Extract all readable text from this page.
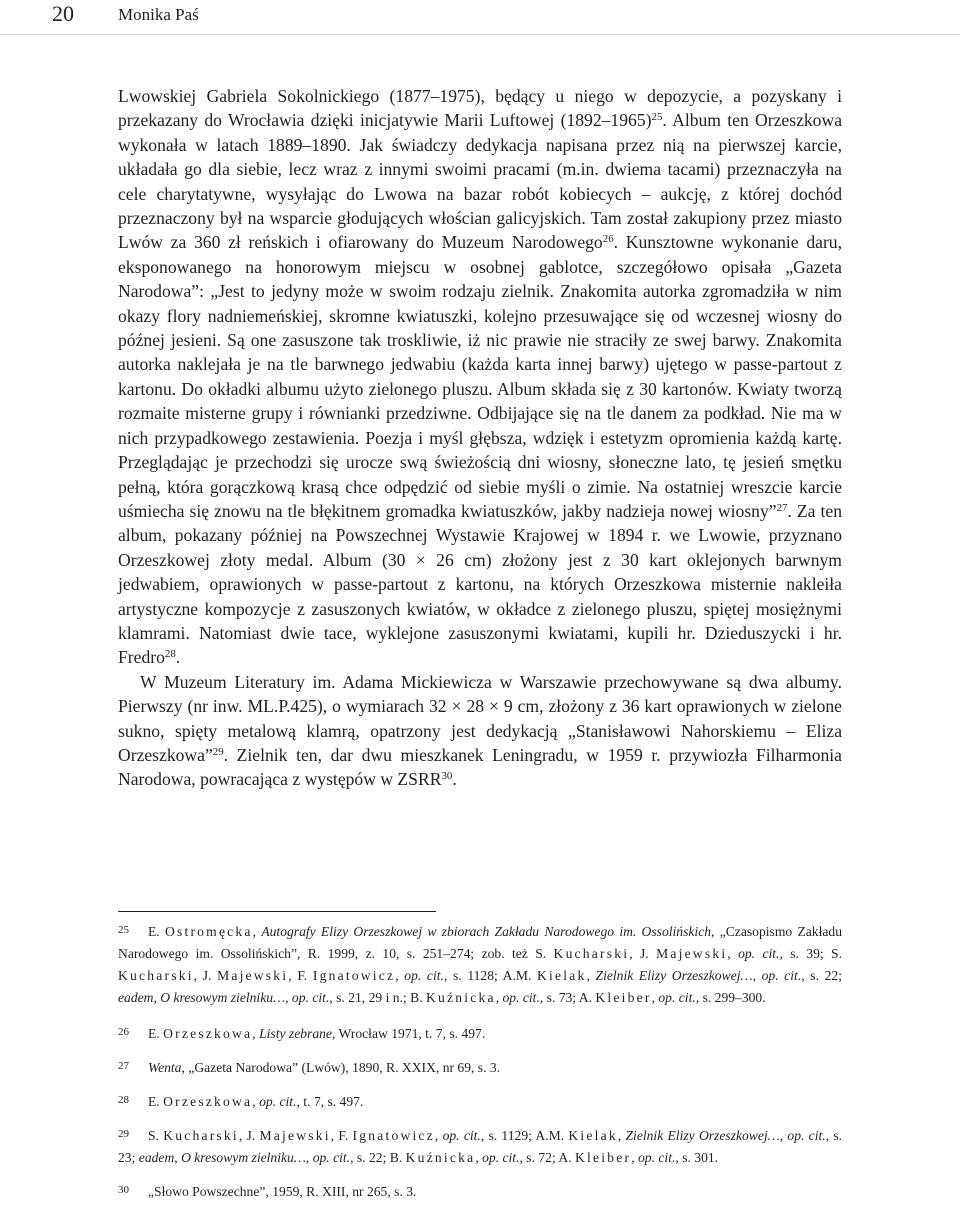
20	Monika Paś

Lwowskiej Gabriela Sokolnickiego (1877–1975), będący u niego w depozycie, a pozyskany i przekazany do Wrocławia dzięki inicjatywie Marii Luftowej (1892–1965)$^{25}$. Album ten Orzeszkowa wykonała w latach 1889–1890. Jak świadczy dedykacja napisana przez nią na pierwszej karcie, układała go dla siebie, lecz wraz z innymi swoimi pracami (m.in. dwiema tacami) przeznaczyła na cele charytatywne, wysyłając do Lwowa na bazar robót kobiecych – aukcję, z której dochód przeznaczony był na wsparcie głodujących włościan galicyjskich. Tam został zakupiony przez miasto Lwów za 360 zł reńskich i ofiarowany do Muzeum Narodowego$^{26}$. Kunsztowne wykonanie daru, eksponowanego na honorowym miejscu w osobnej gablotce, szczegółowo opisała „Gazeta Narodowa”: „Jest to jedyny może w swoim rodzaju zielnik. Znakomita autorka zgromadziła w nim okazy flory nadniemeńskiej, skromne kwiatuszki, kolejno przesuwające się od wczesnej wiosny do późnej jesieni. Są one zasuszone tak troskliwie, iż nic prawie nie straciły ze swej barwy. Znakomita autorka naklejała je na tle barwnego jedwabiu (każda karta innej barwy) ujętego w passe-partout z kartonu. Do okładki albumu użyto zielonego pluszu. Album składa się z 30 kartonów. Kwiaty tworzą rozmaite misterne grupy i równianki przedziwne. Odbijające się na tle danem za podkład. Nie ma w nich przypadkowego zestawienia. Poezja i myśl głębsza, wdzięk i estetyzm opromienia każdą kartę. Przeglądając je przechodzi się urocze swą świeżością dni wiosny, słoneczne lato, tę jesień smętku pełną, która gorączkową krasą chce odpędzić od siebie myśli o zimie. Na ostatniej wreszcie karcie uśmiecha się znowu na tle błękitnem gromadka kwiatuszków, jakby nadzieja nowej wiosny”$^{27}$. Za ten album, pokazany później na Powszechnej Wystawie Krajowej w 1894 r. we Lwowie, przyznano Orzeszkowej złoty medal. Album (30 × 26 cm) złożony jest z 30 kart oklejonych barwnym jedwabiem, oprawionych w passe-partout z kartonu, na których Orzeszkowa misternie nakleiła artystyczne kompozycje z zasuszonych kwiatów, w okładce z zielonego pluszu, spiętej mosiężnymi klamrami. Natomiast dwie tace, wyklejone zasuszonymi kwiatami, kupili hr. Dzieduszycki i hr. Fredro$^{28}$.

W Muzeum Literatury im. Adama Mickiewicza w Warszawie przechowywane są dwa albumy. Pierwszy (nr inw. ML.P.425), o wymiarach 32 × 28 × 9 cm, złożony z 36 kart oprawionych w zielone sukno, spięty metalową klamrą, opatrzony jest dedykacją „Stanisławowi Nahorskiemu – Eliza Orzeszkowa”$^{29}$. Zielnik ten, dar dwu mieszkanek Leningradu, w 1959 r. przywiozła Filharmonia Narodowa, powracająca z występów w ZSRR$^{30}$.

25 E. Ostromęcka, Autografy Elizy Orzeszkowej w zbiorach Zakładu Narodowego im. Ossolińskich, „Czasopismo Zakładu Narodowego im. Ossolińskich”, R. 1999, z. 10, s. 251–274; zob. też S. Kucharski, J. Majewski, op. cit., s. 39; S. Kucharski, J. Majewski, F. Ignatowicz, op. cit., s. 1128; A.M. Kielak, Zielnik Elizy Orzeszkowej…, op. cit., s. 22; eadem, O kresowym zielniku…, op. cit., s. 21, 29 i n.; B. Kuźnicka, op. cit., s. 73; A. Kleiber, op. cit., s. 299–300.
26 E. Orzeszkowa, Listy zebrane, Wrocław 1971, t. 7, s. 497.
27 Wenta, „Gazeta Narodowa” (Lwów), 1890, R. XXIX, nr 69, s. 3.
28 E. Orzeszkowa, op. cit., t. 7, s. 497.
29 S. Kucharski, J. Majewski, F. Ignatowicz, op. cit., s. 1129; A.M. Kielak, Zielnik Elizy Orzeszkowej…, op. cit., s. 23; eadem, O kresowym zielniku…, op. cit., s. 22; B. Kuźnicka, op. cit., s. 72; A. Kleiber, op. cit., s. 301.
30 „Słowo Powszechne”, 1959, R. XIII, nr 265, s. 3.
